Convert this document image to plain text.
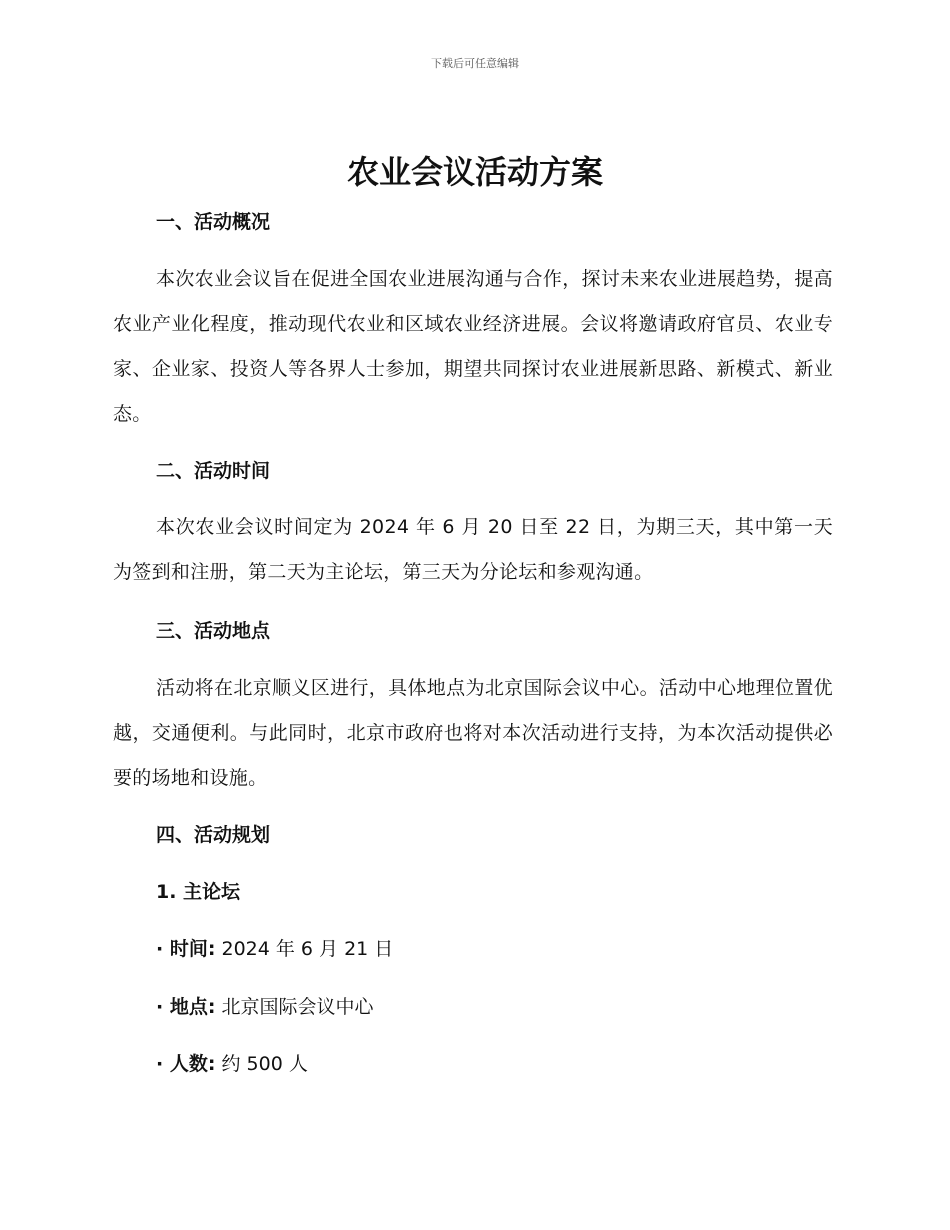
下载后可任意编辑
农业会议活动方案
一、活动概况

本次农业会议旨在促进全国农业进展沟通与合作，探讨未来农业进展趋势，提高农业产业化程度，推动现代农业和区域农业经济进展。会议将邀请政府官员、农业专家、企业家、投资人等各界人士参加，期望共同探讨农业进展新思路、新模式、新业态。

二、活动时间

本次农业会议时间定为 2024 年 6 月 20 日至 22 日，为期三天，其中第一天为签到和注册，第二天为主论坛，第三天为分论坛和参观沟通。

三、活动地点

活动将在北京顺义区进行，具体地点为北京国际会议中心。活动中心地理位置优越，交通便利。与此同时，北京市政府也将对本次活动进行支持，为本次活动提供必要的场地和设施。

四、活动规划

1. 主论坛

· 时间: 2024 年 6 月 21 日

· 地点: 北京国际会议中心

· 人数: 约 500 人
